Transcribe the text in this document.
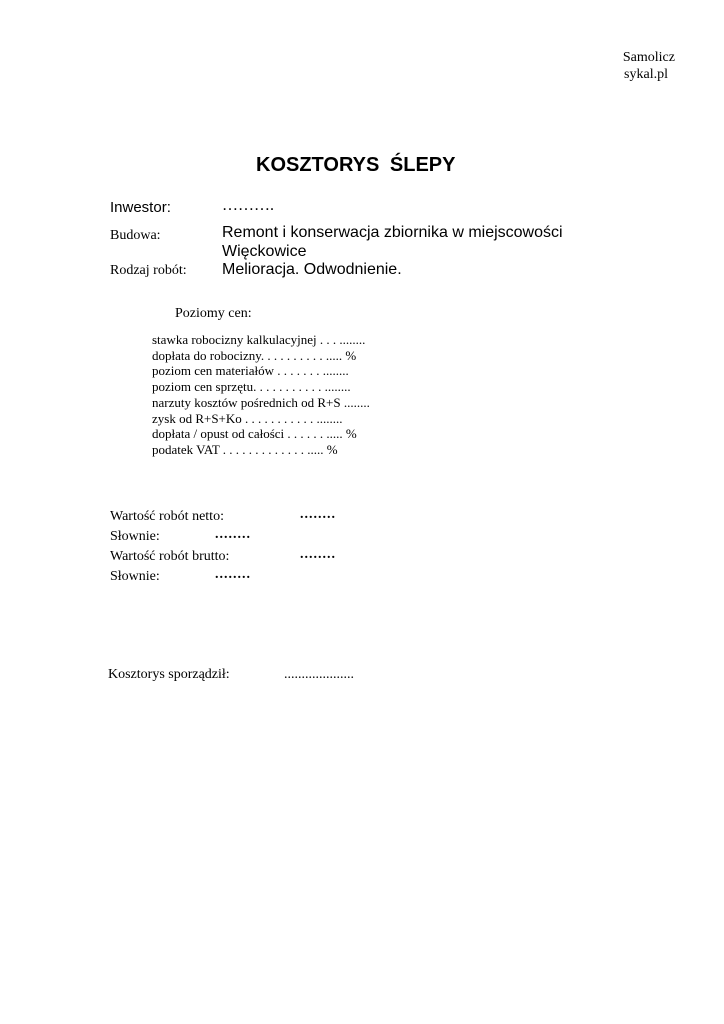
Samolicz
sykal.pl
KOSZTORYS ŚLEPY
Inwestor:	……….
Budowa:	Remont i konserwacja zbiornika w miejscowości
Więckowice
Rodzaj robót: Melioracja. Odwodnienie.
Poziomy cen:
stawka robocizny kalkulacyjnej . . . ........
dopłata do robocizny. . . . . . . . . . ..... %
poziom cen materiałów . . . . . . . ........
poziom cen sprzętu. . . . . . . . . . . ........
narzuty kosztów pośrednich od R+S ........
zysk od R+S+Ko . . . . . . . . . . . ........
dopłata / opust od całości . . . . . . ..... %
podatek VAT . . . . . . . . . . . . . ..... %
Wartość robót netto:	........
Słownie:	........
Wartość robót brutto:	........
Słownie:	........
Kosztorys sporządził:	....................
